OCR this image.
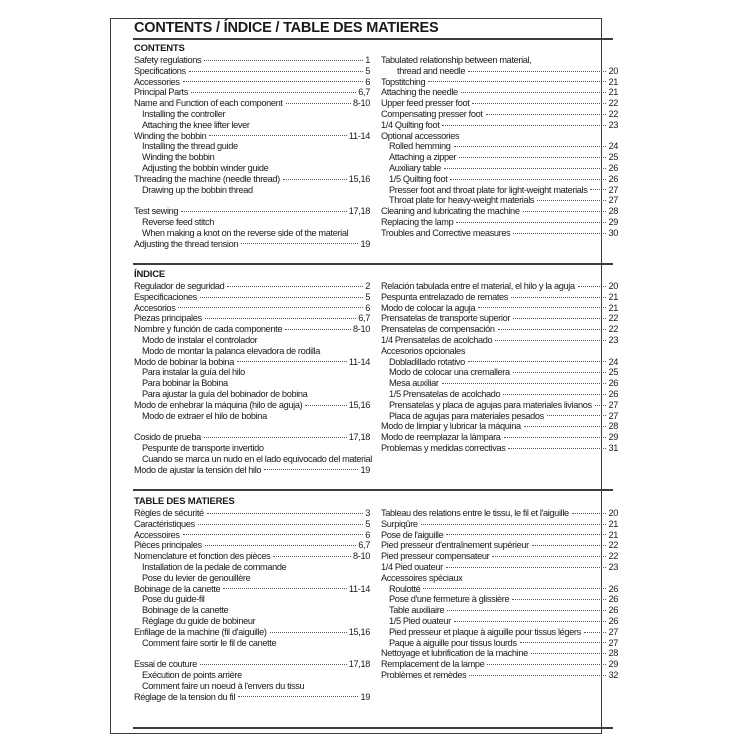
CONTENTS / ÍNDICE / TABLE DES MATIERES
CONTENTS
Safety regulations	1
Specifications	5
Accessories	6
Principal Parts	6,7
Name and Function of each component	8-10
Installing the controller
Attaching the knee lifter lever
Winding the bobbin	11-14
Installing the thread guide
Winding the bobbin
Adjusting the bobbin winder guide
Threading the machine (needle thread)	15,16
Drawing up the bobbin thread
Test sewing	17,18
Reverse feed stitch
When making a knot on the reverse side of the material
Adjusting the thread tension	19
Tabulated relationship between material,
thread and needle	20
Topstitching	21
Attaching the needle	21
Upper feed presser foot	22
Compensating presser foot	22
1/4 Quilting foot	23
Optional accessories
Rolled hemming	24
Attaching a zipper	25
Auxiliary table	26
1/5 Quilting foot	26
Presser foot and throat plate for light-weight materials 27
Throat plate for heavy-weight materials	27
Cleaning and lubricating the machine	28
Replacing the lamp	29
Troubles and Corrective measures	30
ÍNDICE
Regulador de seguridad	2
Especificaciones	5
Accesorios	6
Piezas principales	6,7
Nombre y función de cada componente	8-10
Modo de instalar el controlador
Modo de montar la palanca elevadora de rodilla
Modo de bobinar la bobina	11-14
Para instalar la guía del hilo
Para bobinar la Bobina
Para ajustar la guía del bobinador de bobina
Modo de enhebrar la máquina (hilo de aguja)	15,16
Modo de extraer el hilo de bobina
Cosido de prueba	17,18
Pespunte de transporte invertido
Cuando se marca un nudo en el lado equivocado del material
Modo de ajustar la tensión del hilo	19
Relación tabulada entre el material, el hilo y la aguja	20
Pespunta entrelazado de remates	21
Modo de colocar la aguja	21
Prensatelas de transporte superior	22
Prensatelas de compensación	22
1/4 Prensatelas de acolchado	23
Accesorios opcionales
Dobladillado rotativo	24
Modo de colocar una cremallera	25
Mesa auxiliar	26
1/5 Prensatelas de acolchado	26
Prensatelas y placa de agujas para materiales livianos 27
Placa de agujas para materiales pesados	27
Modo de limpiar y lubricar la máquina	28
Modo de reemplazar la lámpara	29
Problemas y medidas correctivas	31
TABLE DES MATIERES
Règles de sécurité	3
Caractéristiques	5
Accessoires	6
Pièces principales	6,7
Nomenclature et fonction des pièces	8-10
Installation de la pedale de commande
Pose du levier de genouillère
Bobinage de la canette	11-14
Pose du guide-fil
Bobinage de la canette
Réglage du guide de bobineur
Enfilage de la machine (fil d'aiguille)	15,16
Comment faire sortir le fil de canette
Essai de couture	17,18
Exécution de points arrière
Comment faire un noeud à l'envers du tissu
Réglage de la tension du fil	19
Tableau des relations entre le tissu, le fil et l'aiguille	20
Surpiqûre	21
Pose de l'aiguille	21
Pied presseur d'entraînement supérieur	22
Pied presseur compensateur	22
1/4 Pied ouateur	23
Accessoires spéciaux
Roulotté	26
Pose d'une fermeture à glissière	26
Table auxiliaire	26
1/5 Pied ouateur	26
Pied presseur et plaque à aiguille pour tissus légers	27
Paque à aiguille pour tissus lourds	27
Nettoyage et lubrification de la machine	28
Remplacement de la lampe	29
Problèmes et remèdes	32
